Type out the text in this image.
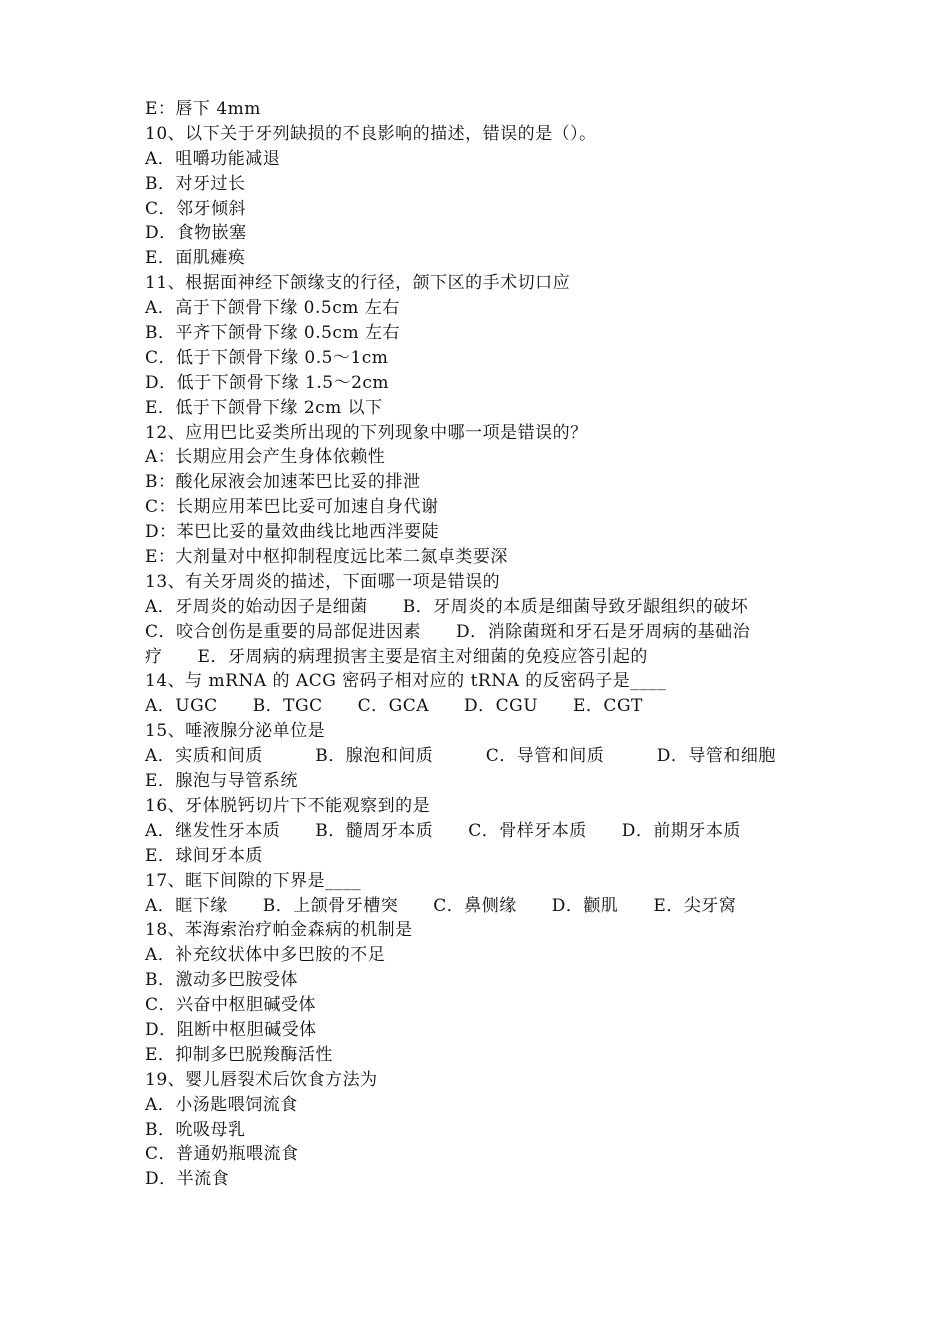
E：唇下 4mm
10、以下关于牙列缺损的不良影响的描述，错误的是（）。
A．咀嚼功能减退
B．对牙过长
C．邻牙倾斜
D．食物嵌塞
E．面肌瘫痪
11、根据面神经下颌缘支的行径，颌下区的手术切口应
A．高于下颌骨下缘 0.5cm 左右
B．平齐下颌骨下缘 0.5cm 左右
C．低于下颌骨下缘 0.5～1cm
D．低于下颌骨下缘 1.5～2cm
E．低于下颌骨下缘 2cm 以下
12、应用巴比妥类所出现的下列现象中哪一项是错误的？
A：长期应用会产生身体依赖性
B：酸化尿液会加速苯巴比妥的排泄
C：长期应用苯巴比妥可加速自身代谢
D：苯巴比妥的量效曲线比地西泮要陡
E：大剂量对中枢抑制程度远比苯二氮卓类要深
13、有关牙周炎的描述，下面哪一项是错误的
A．牙周炎的始动因子是细菌　　B．牙周炎的本质是细菌导致牙龈组织的破坏
C．咬合创伤是重要的局部促进因素　　D．消除菌斑和牙石是牙周病的基础治
疗　　E．牙周病的病理损害主要是宿主对细菌的免疫应答引起的
14、与 mRNA 的 ACG 密码子相对应的 tRNA 的反密码子是____
A．UGC　　B．TGC　　C．GCA　　D．CGU　　E．CGT
15、唾液腺分泌单位是
A．实质和间质　　　B．腺泡和间质　　　C．导管和间质　　　D．导管和细胞
E．腺泡与导管系统
16、牙体脱钙切片下不能观察到的是
A．继发性牙本质　　B．髓周牙本质　　C．骨样牙本质　　D．前期牙本质
E．球间牙本质
17、眶下间隙的下界是____
A．眶下缘　　B．上颌骨牙槽突　　C．鼻侧缘　　D．颧肌　　E．尖牙窝
18、苯海索治疗帕金森病的机制是
A．补充纹状体中多巴胺的不足
B．激动多巴胺受体
C．兴奋中枢胆碱受体
D．阻断中枢胆碱受体
E．抑制多巴脱羧酶活性
19、婴儿唇裂术后饮食方法为
A．小汤匙喂饲流食
B．吮吸母乳
C．普通奶瓶喂流食
D．半流食
